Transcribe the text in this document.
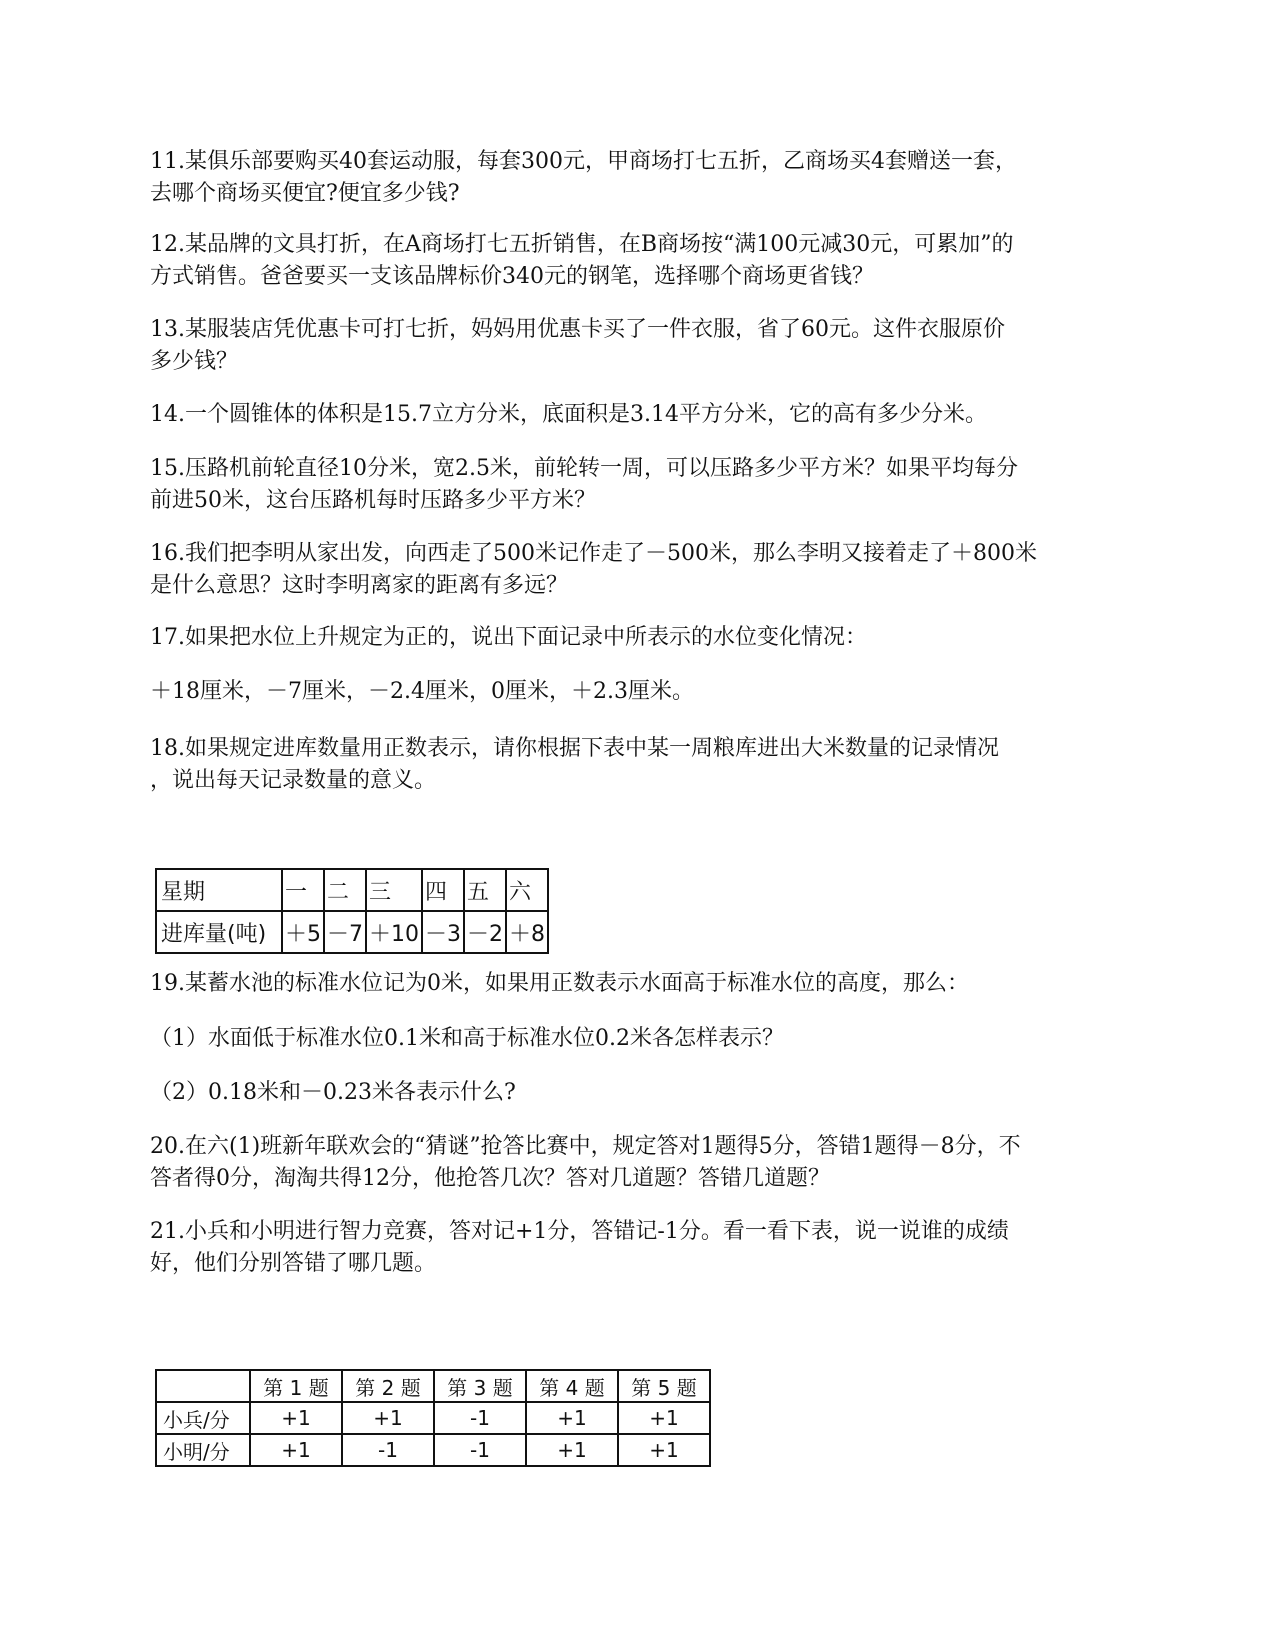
11.某俱乐部要购买40套运动服，每套300元，甲商场打七五折，乙商场买4套赠送一套，

去哪个商场买便宜?便宜多少钱?

12.某品牌的文具打折，在A商场打七五折销售，在B商场按“满100元减30元，可累加”的

方式销售。爸爸要买一支该品牌标价340元的钢笔，选择哪个商场更省钱？

13.某服装店凭优惠卡可打七折，妈妈用优惠卡买了一件衣服，省了60元。这件衣服原价

多少钱？

14.一个圆锥体的体积是15.7立方分米，底面积是3.14平方分米，它的高有多少分米。

15.压路机前轮直径10分米，宽2.5米，前轮转一周，可以压路多少平方米？如果平均每分

前进50米，这台压路机每时压路多少平方米？

16.我们把李明从家出发，向西走了500米记作走了－500米，那么李明又接着走了＋800米

是什么意思？这时李明离家的距离有多远？

17.如果把水位上升规定为正的，说出下面记录中所表示的水位变化情况：

＋18厘米，－7厘米，－2.4厘米，0厘米，＋2.3厘米。

18.如果规定进库数量用正数表示，请你根据下表中某一周粮库进出大米数量的记录情况

，说出每天记录数量的意义。

星期	一	二	三	四	五	六
进库量(吨)	＋5	－7	＋10	－3	－2	＋8

19.某蓄水池的标准水位记为0米，如果用正数表示水面高于标准水位的高度，那么：

（1）水面低于标准水位0.1米和高于标准水位0.2米各怎样表示？

（2）0.18米和－0.23米各表示什么?

20.在六(1)班新年联欢会的“猜谜”抢答比赛中，规定答对1题得5分，答错1题得－8分，不

答者得0分，淘淘共得12分，他抢答几次？答对几道题？答错几道题？

21.小兵和小明进行智力竞赛，答对记+1分，答错记-1分。看一看下表，说一说谁的成绩

好，他们分别答错了哪几题。

	第 1 题	第 2 题	第 3 题	第 4 题	第 5 题
小兵/分	+1	+1	-1	+1	+1
小明/分	+1	-1	-1	+1	+1
